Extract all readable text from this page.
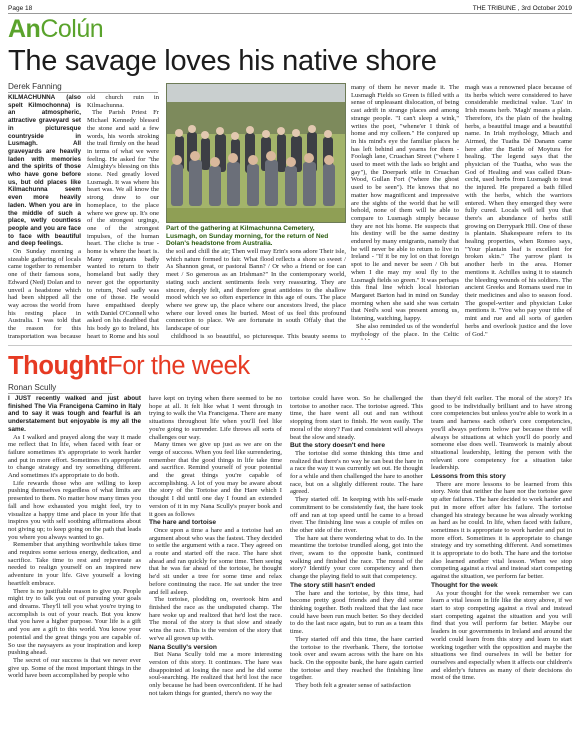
Page 18	THE TRIBUNE , 3rd October 2019
AnColún
The savage loves his native shore
Derek Fanning

KILMACHUNNA (also spelt Kilmochonna) is an atmospheric, attractive graveyard set in picturesque countryside in Lusmagh. All graveyards are heavily laden with memories and the spirits of those who have gone before us, but old places like Kilmachunna seem even more heavily laden. When you are in the middle of such a place, wetly countless people and you are face to face with beautiful and deep feelings.

On Sunday morning a sizeable gathering of locals came together to remember one of their famous sons, Edward (Ned) Dolan and to unveil a headstone which had been shipped all the way across the world from his resting place in Australia. I was told that the reason for this transportation was because

old church ruin in Kilmachunna.

The Parish Priest Fr Michael Kennedy blessed the stone and said a few words, his words stroking the trail firmly on the head in terms of what we were feeling. He asked for "the Almighty's blessing on this stone. Ned greatly loved Lusmagh. It was where his heart was. We all know the strong draw to our homeplace, to the place where we grew up. It's one of the strongest urgings, one of the strongest impulses, of the human heart. The cliche is true - home is where the heart is. Many emigrants badly wanted to return to their homeland but sadly they never got the opportunity to return, Ned sadly was one of those. He would have empathised deeply with Daniel O'Connell who asked on his deathbed that his body go to Ireland, his heart to Rome and his soul

Part of the gathering at Kilmachunna Cemetery, Lusmagh, on Sunday morning, for the return of Ned Dolan's headstone from Australia.

the soil and chill the air; Then well may Erin's sons adore Their isle, which nature formed to fair. What flood reflects a shore so sweet / As Shannon great, or pastoral Bann? / Or who a friend or foe can meet / So generous as an Irishman?" In the contemporary world, stating such ancient sentiments feels very reassuring. They are sincere, deeply felt, and therefore great antidotes to the shallow mood which we so often experience in this age of ours. The place where we grew up, the place where our ancestors lived, the place where our loved ones lie buried. Most of us feel this profound connection to place. We are fortunate in south Offaly that the landscape of our

childhood is so beautiful, so picturesque. This beauty seems to

many of them he never made it. The Lusmagh Fields so Green is filled with a sense of unpleasant dislocation, of being cast adrift in strange places and among strange people. "I can't sleep a wink," writes the poet, "whene'er I think of home and my colleen." He conjured up in his mind's eye the familiar places he has left behind and yearns for them - Foolagh lane, Cruachan Street ("where I used to meet with the lads so bright and gay"), the Doerpark stile in Cruachan Wood, Gullan Fort ("where the ghost used to be seen"). He knows that no matter how magnificent and impressive are the sights of the world that he will behold, none of them will be able to compare to Lusmagh simply because they are not his home. He suspects that his destiny will be the same destiny endured by many emigrants, namely that he will never be able to return to live in Ireland - "If it be my lot on that foreign spot to lie and never be seen / Oh but when I die may my soul fly to the Lusmagh fields so green." It was perhaps this final line which local historian Margaret Barton had in mind on Sunday morning when she said she was certain that Ned's soul was present among us, listening, watching, happy.

She also reminded us of the wonderful mythology of the place. In the Celtic

magh was a renowned place because of its herbs which were considered to have considerable medicinal value. 'Lus' in Irish means herb. 'Magh' means a plain. Therefore, it's the plain of the healing herbs, a beautiful image and a beautiful name. In Irish mythology, Miach and Airmed, the Tuatha Dé Danann came here after the Battle of Moytura for healing. The legend says that the physician of the Tuatha, who was the God of Healing and was called Dian-cecht, used herbs from Lusmagh to treat the injured. He prepared a bath filled with the herbs, which the warriors entered. When they emerged they were fully cured. Locals will tell you that there's an abundance of herbs still growing on Derrypark Hill. One of these is plantain. Shakespeare refers to its healing properties, when Romeo says, "Your plantain leaf is excellent for broken skin." The yarrow plant is another herb in the area. Homer mentions it. Achilles using it to staunch the bleeding wounds of his soldiers. The ancient Greeks and Romans used rue in their medicines and also to season food. The gospel-writer and physician Luke mentions it. "You who pay your tithe of mint and rue and all sorts of garden herbs and overlook justice and the love of God."

ThoughtFor the week
Ronan Scully

I JUST recently walked and just about finished The Via Francigena Camino in Italy and to say it was tough and fearful is an understatement but enjoyable is my all the same.

As I walked and prayed along the way it made me reflect that In life, when faced with fear or failure sometimes it's appropriate to work harder and put in more effort. Sometimes it's appropriate to change strategy and try something different. And sometimes it's appropriate to do both.

Life rewards those who are willing to keep pushing themselves regardless of what limits are presented to them. No matter how many times you fall and how exhausted you might feel, try to visualize a happy time and place in your life that inspires you with self soothing affirmations about not giving up; to keep going on the path that leads you where you always wanted to go.

Remember that anything worthwhile takes time and requires some serious energy, dedication, and sacrifice. Take time to rest and rejuvenate as needed to realign yourself on an inspired new adventure in your life. Give yourself a loving heartfelt embrace.

There is no justifiable reason to give up. People might try to talk you out of pursuing your goals and dreams. They'll tell you what you're trying to accomplish is out of your reach. But you know that you have a higher purpose. Your life is a gift and you are a gift to this world. You know your potential and the great things you are capable of. So use the naysayers as your inspiration and keep pushing ahead.

The secret of our success is that we never ever give up. Some of the most important things in the world have been accomplished by people who

have kept on trying when there seemed to be no hope at all. It felt like what I went through in trying to walk the Via Francigena. There are many situations throughout life when you'll feel like you're going to surrender. Life throws all sorts of challenges our way.

Many times we give up just as we are on the verge of success. When you feel like surrendering, remember that the good things in life take time and sacrifice. Remind yourself of your potential and the great things you're capable of accomplishing. A lot of you may be aware about the story of the Tortoise and the Hare which I thought I did until one day I found an extended version of it in my Nana Scully's prayer book and it goes as follows

The hare and tortoise

Once upon a time a hare and a tortoise had an argument about who was the fastest. They decided to settle the argument with a race. They agreed on a route and started off the race. The hare shot ahead and ran quickly for some time. Then seeing that he was far ahead of the tortoise, he thought he'd sit under a tree for some time and relax before continuing the race. He sat under the tree and fell asleep.

The tortoise, plodding on, overtook him and finished the race as the undisputed champ. The hare woke up and realized that he'd lost the race. The moral of the story is that slow and steady wins the race. This is the version of the story that we've all grown up with.

Nana Scully's version

But Nana Scully told me a more interesting version of this story. It continues. The hare was disappointed at losing the race and he did some soul-searching. He realized that he'd lost the race only because he had been overconfident. If he had not taken things for granted, there's no way the

tortoise could have won. So he challenged the tortoise to another race. The tortoise agreed. This time, the hare went all out and ran without stopping from start to finish. He won easily. The moral of the story? Fast and consistent will always beat the slow and steady.

But the story doesn't end here

The tortoise did some thinking this time and realized that there's no way he can beat the hare in a race the way it was currently set out. He thought for a while and then challenged the hare to another race, but on a slightly different route. The hare agreed.

They started off. In keeping with his self-made commitment to be consistently fast, the hare took off and ran at top speed until he came to a broad river. The finishing line was a couple of miles on the other side of the river.

The hare sat there wondering what to do. In the meantime the tortoise trundled along, got into the river, swam to the opposite bank, continued walking and finished the race. The moral of the story? Identify your core competency and then change the playing field to suit that competency.

The story still hasn't ended

The hare and the tortoise, by this time, had become pretty good friends and they did some thinking together. Both realized that the last race could have been run much better. So they decided to do the last race again, but to run as a team this time.

They started off and this time, the hare carried the tortoise to the riverbank. There, the tortoise took over and swam across with the hare on his back. On the opposite bank, the hare again carried the tortoise and they reached the finishing line together.

They both felt a greater sense of satisfaction

than they'd felt earlier. The moral of the story? It's good to be individually brilliant and to have strong core competencies but unless you're able to work in a team and harness each other's core competencies, you'll always perform below par because there will always be situations at which you'll do poorly and someone else does well. Teamwork is mainly about situational leadership, letting the person with the relevant core competency for a situation take leadership.

Lessons from this story

There are more lessons to be learned from this story. Note that neither the hare nor the tortoise gave up after failures. The hare decided to work harder and put in more effort after his failure. The tortoise changed his strategy because he was already working as hard as he could. In life, when faced with failure, sometimes it is appropriate to work harder and put in more effort. Sometimes it is appropriate to change strategy and try something different. And sometimes it is appropriate to do both. The hare and the tortoise also learned another vital lesson. When we stop competing against a rival and instead start competing against the situation, we perform far better.

Thought for the week

As your thought for the week remember we can learn a vital lesson in life like the story above, if we start to stop competing against a rival and instead start competing against the situation and you will find that you will perform far better. Maybe our leaders in our governments in Ireland and around the world could learn from this story and learn to start working together with the opposition and maybe the situations we find ourselves in will be better for ourselves and especially when it affects our children's and elderly's futures as many of their decisions do most of the time.
